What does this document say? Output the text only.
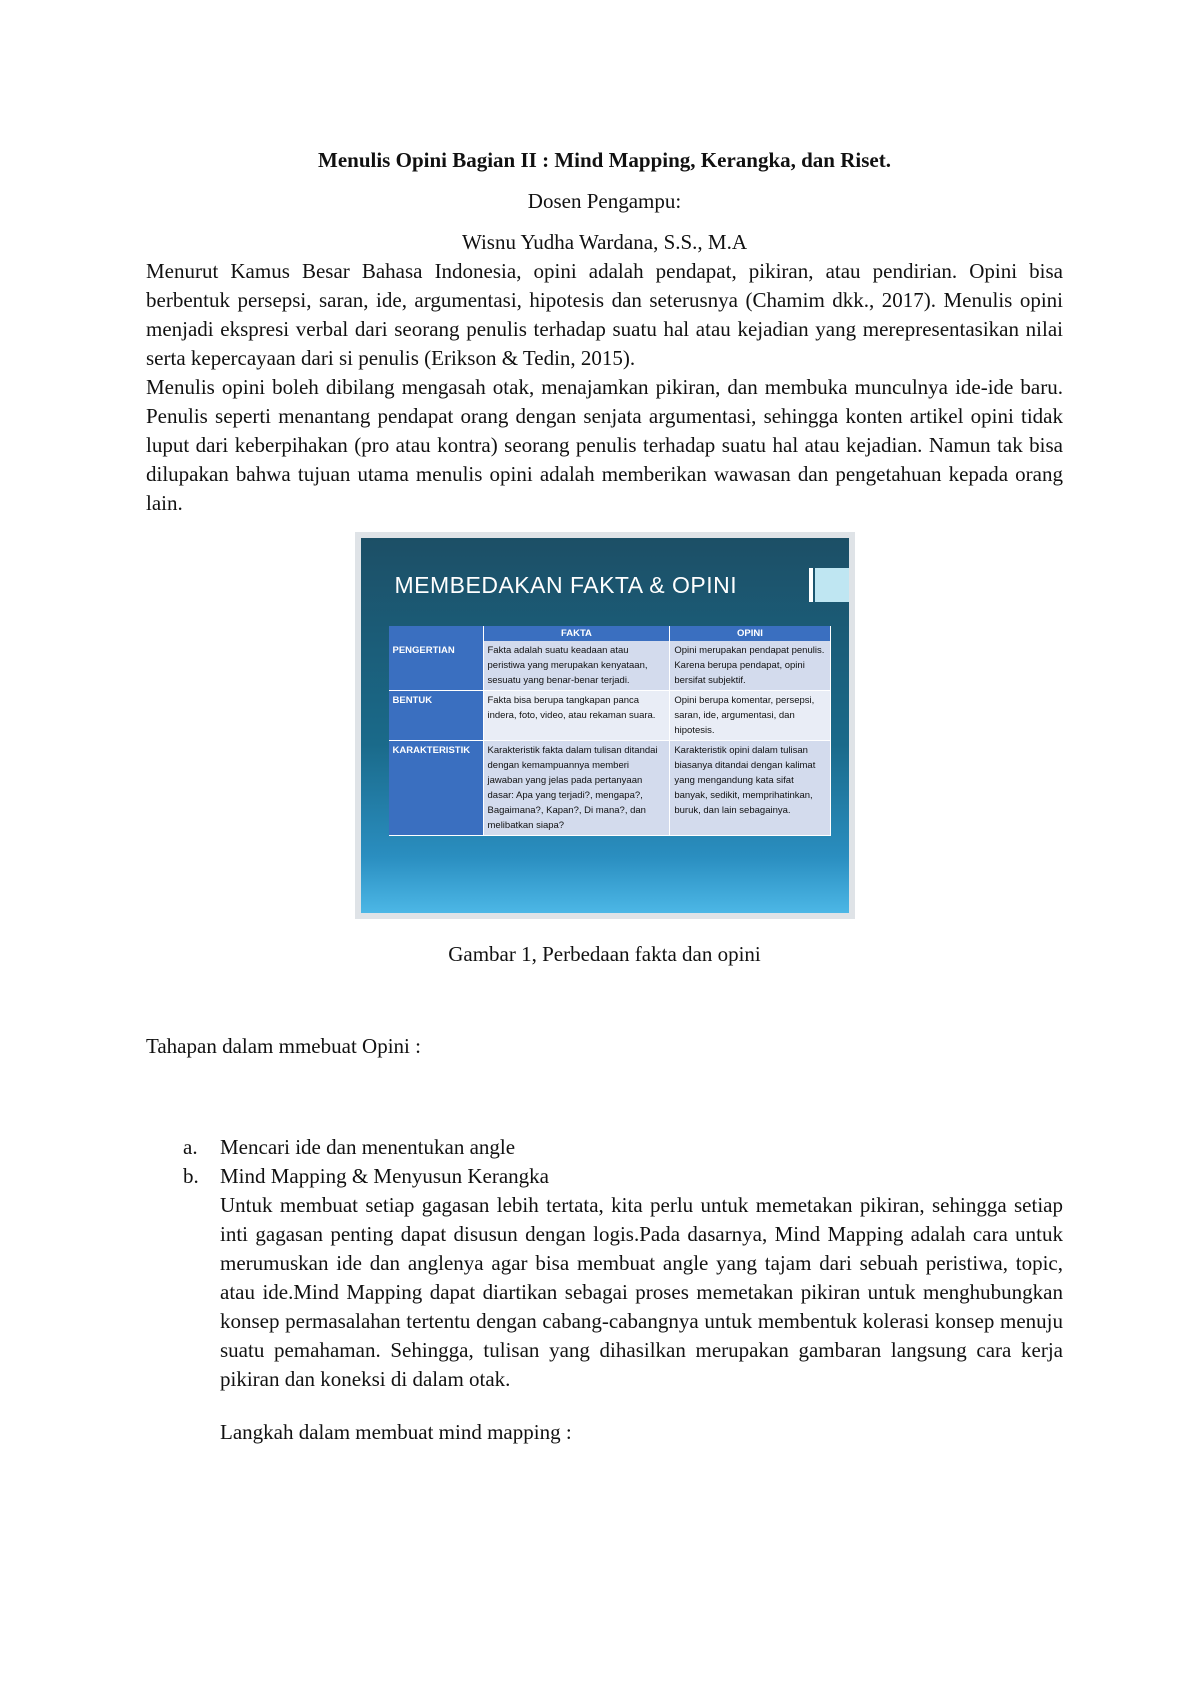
Menulis Opini Bagian II : Mind Mapping, Kerangka, dan Riset.

Dosen Pengampu:

Wisnu Yudha Wardana, S.S., M.A

Menurut Kamus Besar Bahasa Indonesia, opini adalah pendapat, pikiran, atau pendirian. Opini bisa berbentuk persepsi, saran, ide, argumentasi, hipotesis dan seterusnya (Chamim dkk., 2017). Menulis opini menjadi ekspresi verbal dari seorang penulis terhadap suatu hal atau kejadian yang merepresentasikan nilai serta kepercayaan dari si penulis (Erikson & Tedin, 2015).

Menulis opini boleh dibilang mengasah otak, menajamkan pikiran, dan membuka munculnya ide-ide baru. Penulis seperti menantang pendapat orang dengan senjata argumentasi, sehingga konten artikel opini tidak luput dari keberpihakan (pro atau kontra) seorang penulis terhadap suatu hal atau kejadian. Namun tak bisa dilupakan bahwa tujuan utama menulis opini adalah memberikan wawasan dan pengetahuan kepada orang lain.

MEMBEDAKAN FAKTA & OPINI
	FAKTA	OPINI
PENGERTIAN	Fakta adalah suatu keadaan atau peristiwa yang merupakan kenyataan, sesuatu yang benar-benar terjadi.	Opini merupakan pendapat penulis. Karena berupa pendapat, opini bersifat subjektif.
BENTUK	Fakta bisa berupa tangkapan panca indera, foto, video, atau rekaman suara.	Opini berupa komentar, persepsi, saran, ide, argumentasi, dan hipotesis.
KARAKTERISTIK	Karakteristik fakta dalam tulisan ditandai dengan kemampuannya memberi jawaban yang jelas pada pertanyaan dasar: Apa yang terjadi?, mengapa?, Bagaimana?, Kapan?, Di mana?, dan melibatkan siapa?	Karakteristik opini dalam tulisan biasanya ditandai dengan kalimat yang mengandung kata sifat banyak, sedikit, memprihatinkan, buruk, dan lain sebagainya.

Gambar 1, Perbedaan fakta dan opini

Tahapan dalam mmebuat Opini :

a. Mencari ide dan menentukan angle
b. Mind Mapping & Menyusun Kerangka
Untuk membuat setiap gagasan lebih tertata, kita perlu untuk memetakan pikiran, sehingga setiap inti gagasan penting dapat disusun dengan logis.Pada dasarnya, Mind Mapping adalah cara untuk merumuskan ide dan anglenya agar bisa membuat angle yang tajam dari sebuah peristiwa, topic, atau ide.Mind Mapping dapat diartikan sebagai proses memetakan pikiran untuk menghubungkan konsep permasalahan tertentu dengan cabang-cabangnya untuk membentuk kolerasi konsep menuju suatu pemahaman. Sehingga, tulisan yang dihasilkan merupakan gambaran langsung cara kerja pikiran dan koneksi di dalam otak.

Langkah dalam membuat mind mapping :
